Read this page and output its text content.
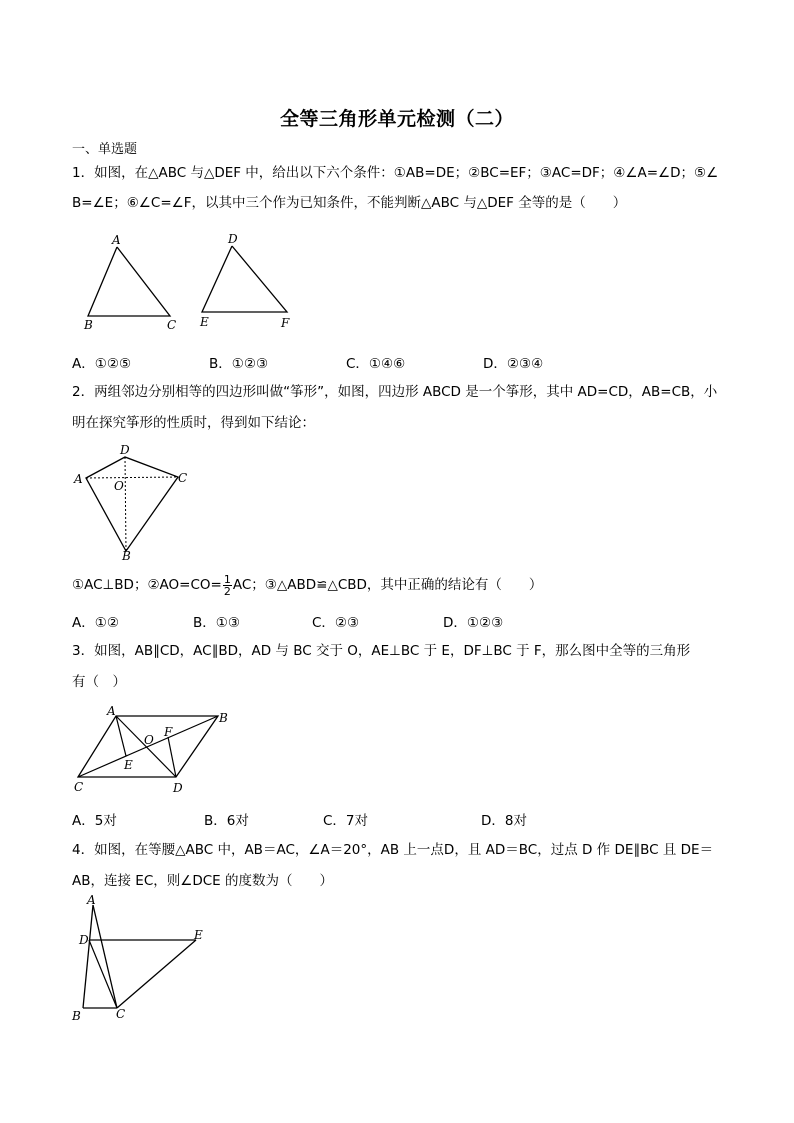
全等三角形单元检测（二）
一、单选题
1．如图，在△ABC 与△DEF 中，给出以下六个条件：①AB=DE；②BC=EF；③AC=DF；④∠A=∠D；⑤∠
B=∠E；⑥∠C=∠F，以其中三个作为已知条件，不能判断△ABC 与△DEF 全等的是（　　）
A
B	C
D
E	F
A．①②⑤	B．①②③	C．①④⑥	D．②③④
2．两组邻边分别相等的四边形叫做“筝形”，如图，四边形 ABCD 是一个筝形，其中 AD=CD，AB=CB，小
明在探究筝形的性质时，得到如下结论：
D
A	C
O
B
①AC⊥BD；②AO=CO= $\frac{1}{2}$ AC；③△ABD≌△CBD，其中正确的结论有（　　）
A．①②	B．①③	C．②③	D．①②③
3．如图，AB∥CD，AC∥BD，AD 与 BC 交于 O，AE⊥BC 于 E，DF⊥BC 于 F，那么图中全等的三角形
有（　）
A	B
O
F
E
C	D
A．5对	B．6对	C．7对	D．8对
4．如图，在等腰△ABC 中，AB＝AC，∠A＝20°，AB 上一点D，且 AD＝BC，过点 D 作 DE∥BC 且 DE＝
AB，连接 EC，则∠DCE 的度数为（　　）
A
D	E
B	C
